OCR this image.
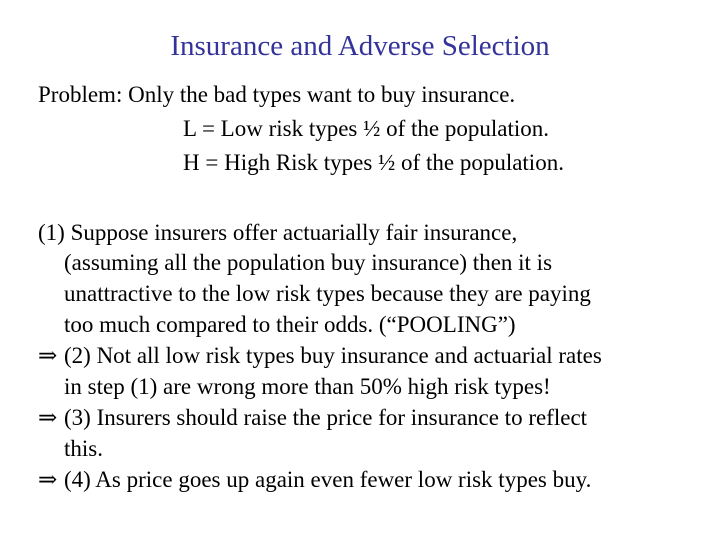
Insurance and Adverse Selection
Problem: Only the bad types want to buy insurance.
L = Low risk types ½ of the population.
H = High Risk types ½ of the population.
(1) Suppose insurers offer actuarially fair insurance,
(assuming all the population buy insurance) then it is
unattractive to the low risk types because they are paying
too much compared to their odds. (“POOLING”)
⇒ (2) Not all low risk types buy insurance and actuarial rates
in step (1) are wrong more than 50% high risk types!
⇒ (3) Insurers should raise the price for insurance to reflect
this.
⇒ (4) As price goes up again even fewer low risk types buy.
